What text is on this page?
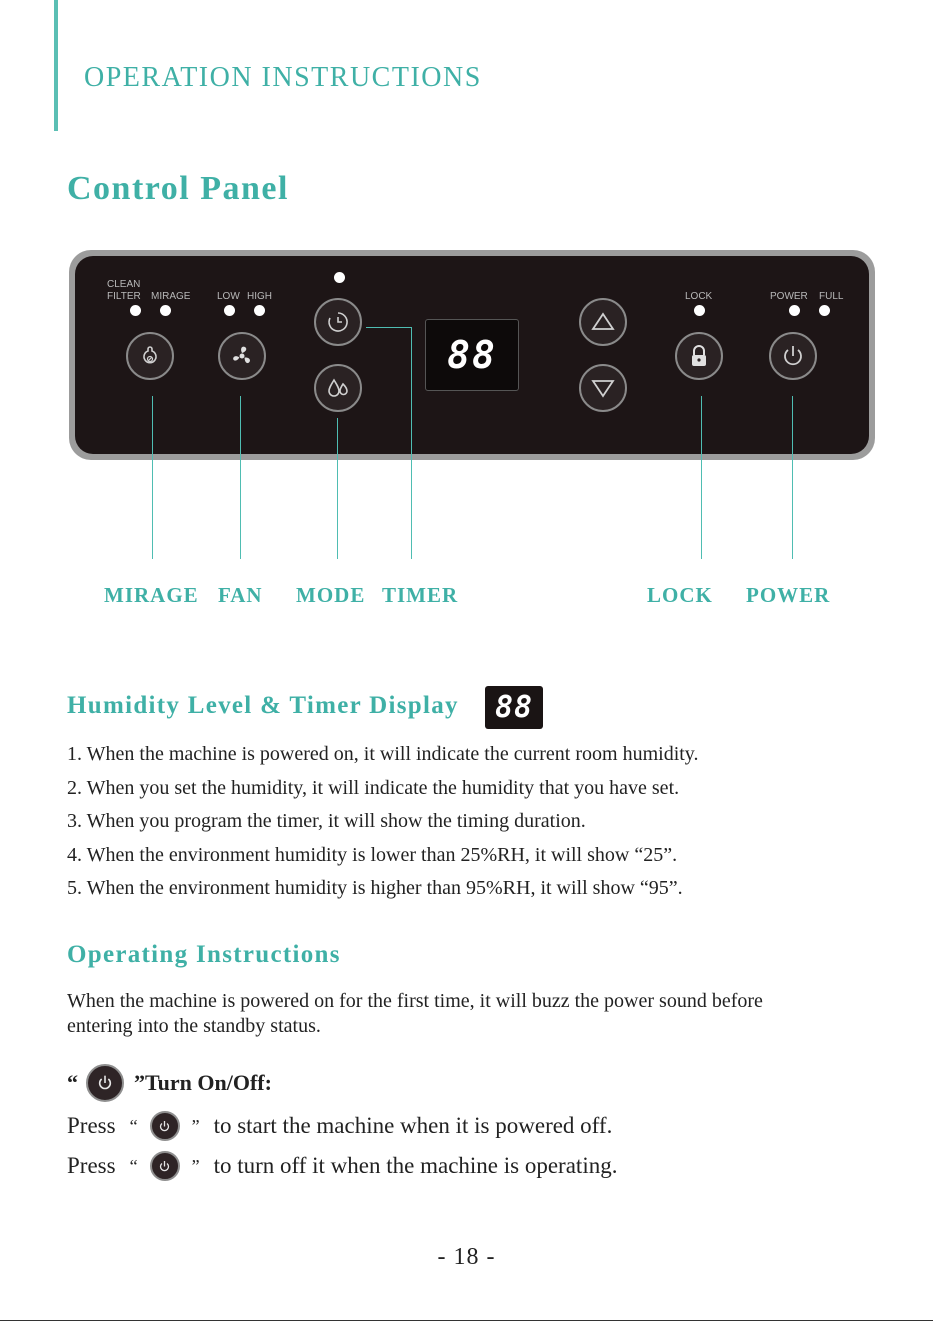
OPERATION INSTRUCTIONS
Control Panel
CLEAN
FILTER MIRAGE	LOW HIGH	LOCK	POWER FULL
88
MIRAGE FAN MODE TIMER	LOCK POWER
Humidity Level & Timer Display	88
1. When the machine is powered on, it will indicate the current room humidity.
2. When you set the humidity, it will indicate the humidity that you have set.
3. When you program the timer, it will show the timing duration.
4. When the environment humidity is lower than 25%RH, it will show “25”.
5. When the environment humidity is higher than 95%RH, it will show “95”.
Operating Instructions
When the machine is powered on for the first time, it will buzz the power sound before
entering into the standby status.
“	”Turn On/Off:
Press “	” to start the machine when it is powered off.
Press “	” to turn off it when the machine is operating.
- 18 -
